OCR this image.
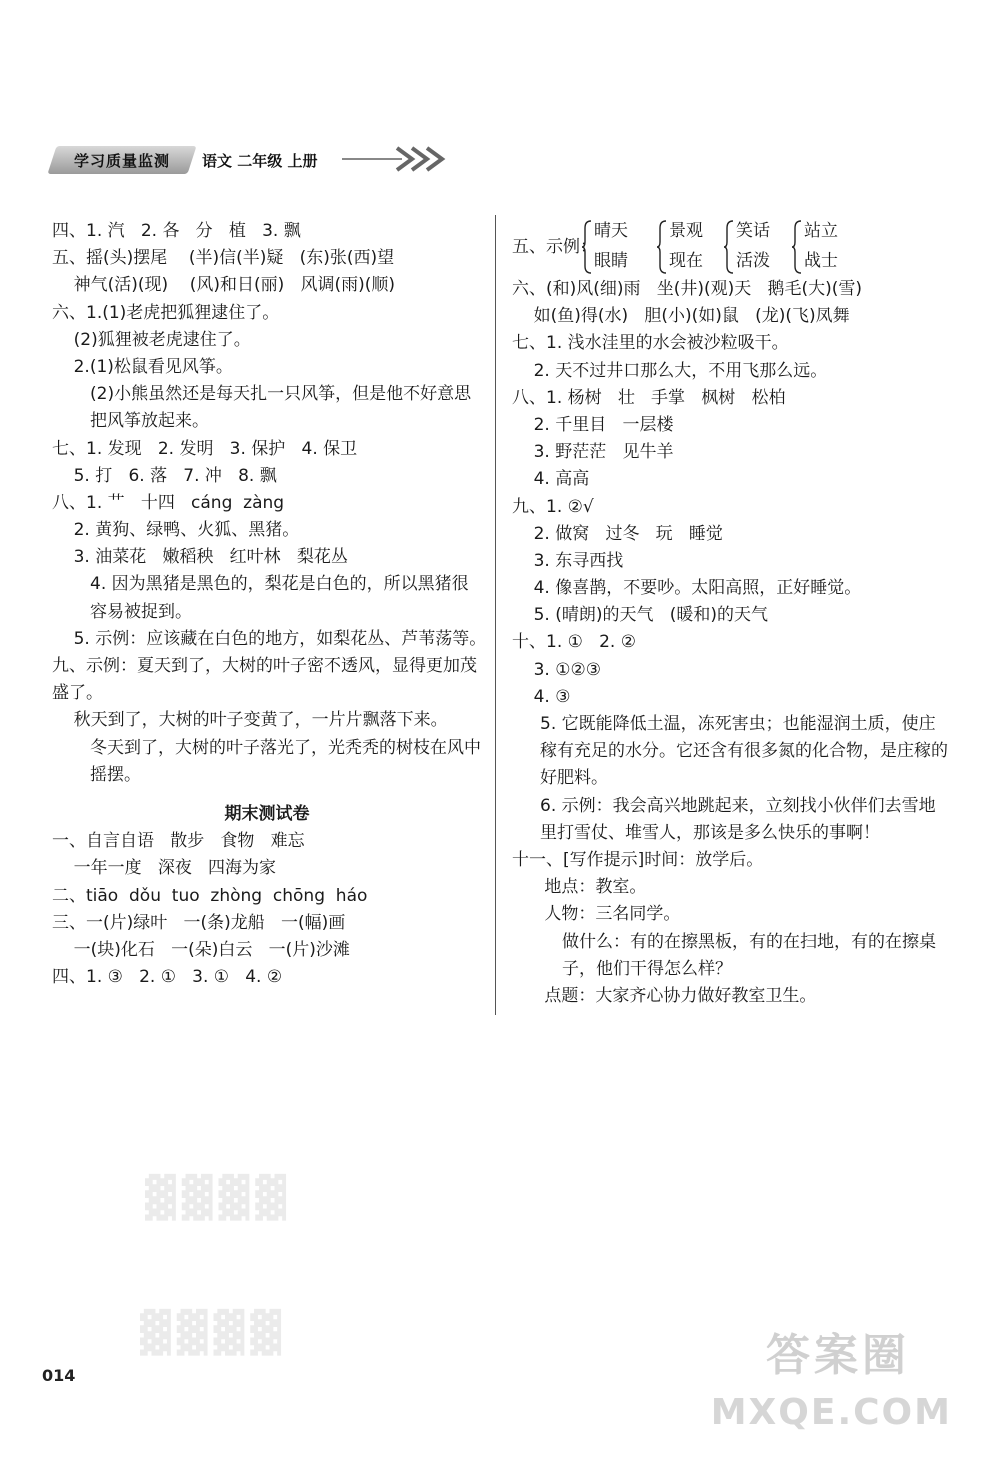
学习质量监测 语文 二年级 上册
四、1. 汽   2. 各   分   植   3. 飘
五、摇(头)摆尾    (半)信(半)疑   (东)张(西)望
神气(活)(现)    (风)和日(丽)   风调(雨)(顺)
六、1.(1)老虎把狐狸逮住了。
(2)狐狸被老虎逮住了。
2.(1)松鼠看见风筝。
(2)小熊虽然还是每天扎一只风筝，但是他不好意思把风筝放起来。
七、1. 发现   2. 发明   3. 保护   4. 保卫
5. 打   6. 落   7. 冲   8. 飘
八、1. 艹   十四   cáng  zàng
2. 黄狗、绿鸭、火狐、黑猪。
3. 油菜花   嫩稻秧   红叶林   梨花丛
4. 因为黑猪是黑色的，梨花是白色的，所以黑猪很容易被捉到。
5. 示例：应该藏在白色的地方，如梨花丛、芦苇荡等。
九、示例：夏天到了，大树的叶子密不透风，显得更加茂盛了。
秋天到了，大树的叶子变黄了，一片片飘落下来。
冬天到了，大树的叶子落光了，光秃秃的树枝在风中摇摆。
期末测试卷
一、自言自语   散步   食物   难忘
一年一度   深夜   四海为家
二、tiāo  dǒu  tuo  zhòng  chōng  háo
三、一(片)绿叶   一(条)龙船   一(幅)画
一(块)化石   一(朵)白云   一(片)沙滩
四、1. ③   2. ①   3. ①   4. ②
五、示例：
晴天
眼睛
景观
现在
笑话
活泼
站立
战士
六、(和)风(细)雨   坐(井)(观)天   鹅毛(大)(雪)
如(鱼)得(水)   胆(小)(如)鼠   (龙)(飞)凤舞
七、1. 浅水洼里的水会被沙粒吸干。
2. 天不过井口那么大，不用飞那么远。
八、1. 杨树   壮   手掌   枫树   松柏
2. 千里目   一层楼
3. 野茫茫   见牛羊
4. 高高
九、1. ②√
2. 做窝   过冬   玩   睡觉
3. 东寻西找
4. 像喜鹊，不要吵。太阳高照，正好睡觉。
5. (晴朗)的天气   (暖和)的天气
十、1. ①   2. ②
3. ①②③
4. ③
5. 它既能降低土温，冻死害虫；也能湿润土质，使庄稼有充足的水分。它还含有很多氮的化合物，是庄稼的好肥料。
6. 示例：我会高兴地跳起来，立刻找小伙伴们去雪地里打雪仗、堆雪人，那该是多么快乐的事啊！
十一、[写作提示]时间：放学后。
地点：教室。
人物：三名同学。
做什么：有的在擦黑板，有的在扫地，有的在擦桌子，他们干得怎么样？
点题：大家齐心协力做好教室卫生。
▓▓▓▓
▓▓▓▓
014	答案圈
MXQE.COM
